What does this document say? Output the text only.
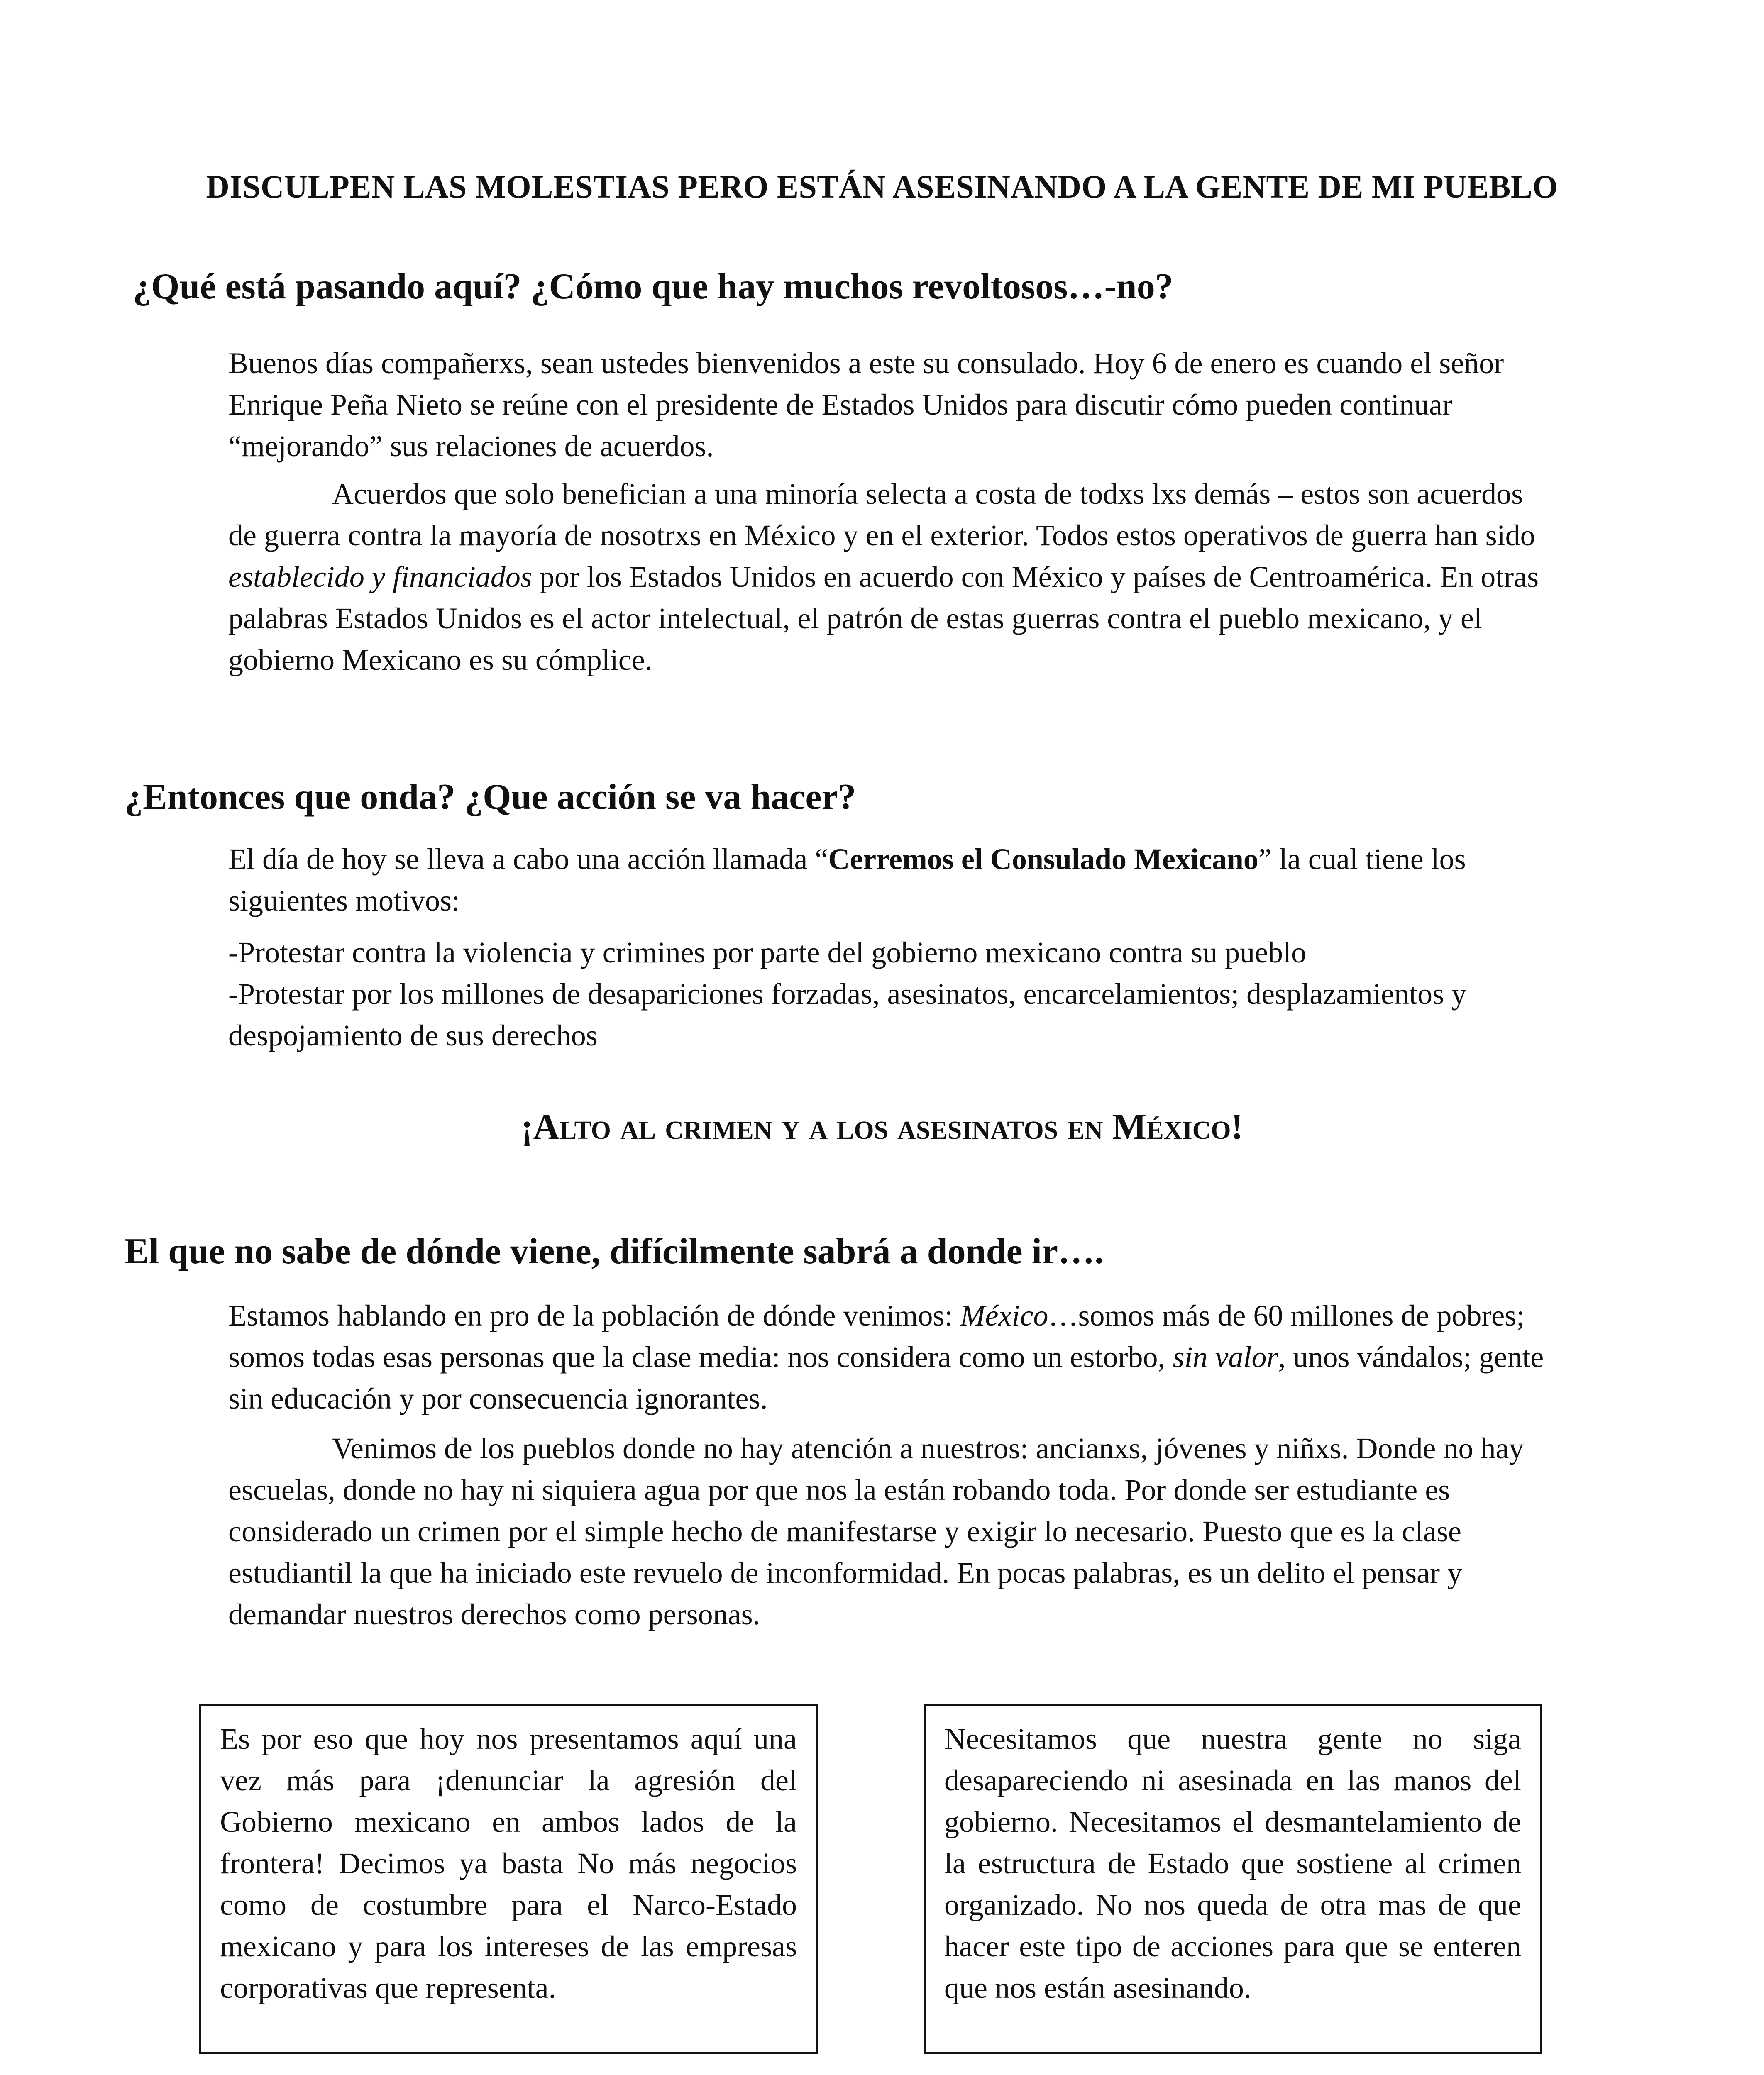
DISCULPEN LAS MOLESTIAS PERO ESTÁN ASESINANDO A LA GENTE DE MI PUEBLO
¿Qué está pasando aquí? ¿Cómo que hay muchos revoltosos…-no?

Buenos días compañerxs, sean ustedes bienvenidos a este su consulado. Hoy 6 de enero es cuando el señor Enrique Peña Nieto se reúne con el presidente de Estados Unidos para discutir cómo pueden continuar “mejorando” sus relaciones de acuerdos.

Acuerdos que solo benefician a una minoría selecta a costa de todxs lxs demás – estos son acuerdos de guerra contra la mayoría de nosotrxs en México y en el exterior. Todos estos operativos de guerra han sido establecido y financiados por los Estados Unidos en acuerdo con México y países de Centroamérica. En otras palabras Estados Unidos es el actor intelectual, el patrón de estas guerras contra el pueblo mexicano, y el gobierno Mexicano es su cómplice.

¿Entonces que onda? ¿Que acción se va hacer?

El día de hoy se lleva a cabo una acción llamada “Cerremos el Consulado Mexicano” la cual tiene los siguientes motivos:

-Protestar contra la violencia y crimines por parte del gobierno mexicano contra su pueblo

-Protestar por los millones de desapariciones forzadas, asesinatos, encarcelamientos; desplazamientos y despojamiento de sus derechos

¡Alto al crimen y a los asesinatos en México!
El que no sabe de dónde viene, difícilmente sabrá a donde ir….

Estamos hablando en pro de la población de dónde venimos: México…somos más de 60 millones de pobres; somos todas esas personas que la clase media: nos considera como un estorbo, sin valor, unos vándalos; gente sin educación y por consecuencia ignorantes.

Venimos de los pueblos donde no hay atención a nuestros: ancianxs, jóvenes y niñxs. Donde no hay escuelas, donde no hay ni siquiera agua por que nos la están robando toda. Por donde ser estudiante es considerado un crimen por el simple hecho de manifestarse y exigir lo necesario. Puesto que es la clase estudiantil la que ha iniciado este revuelo de inconformidad. En pocas palabras, es un delito el pensar y demandar nuestros derechos como personas.

Es por eso que hoy nos presentamos aquí una vez más para ¡denunciar la agresión del Gobierno mexicano en ambos lados de la frontera! Decimos ya basta No más negocios como de costumbre para el Narco-Estado mexicano y para los intereses de las empresas corporativas que representa.

Necesitamos que nuestra gente no siga desapareciendo ni asesinada en las manos del gobierno. Necesitamos el desmantelamiento de la estructura de Estado que sostiene al crimen organizado. No nos queda de otra mas de que hacer este tipo de acciones para que se enteren que nos están asesinando.
